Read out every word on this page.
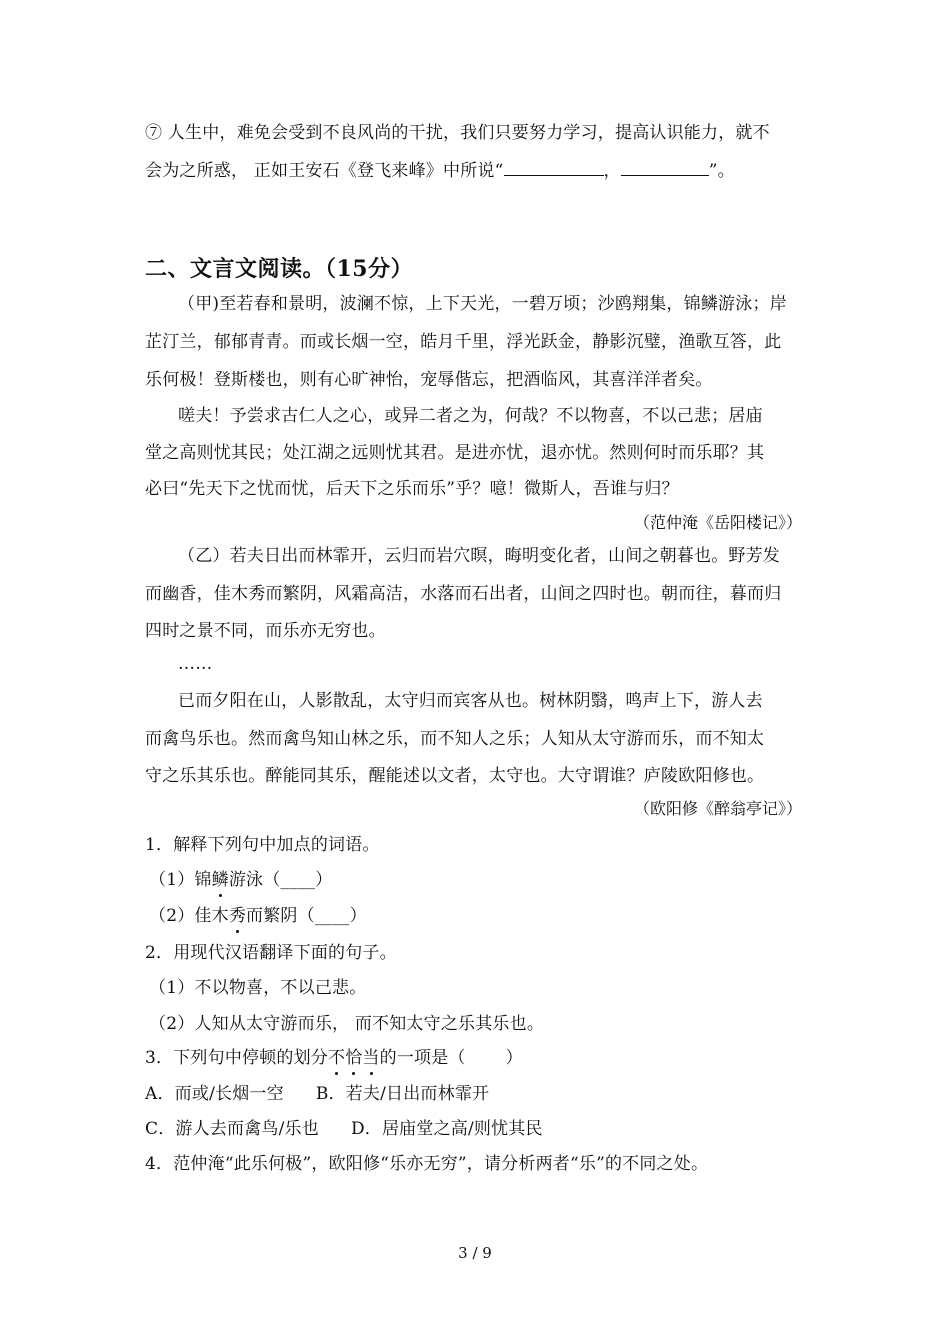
⑦ 人生中，难免会受到不良风尚的干扰，我们只要努力学习，提高认识能力，就不
会为之所惑， 正如王安石《登飞来峰》中所说“	，	”。
二、文言文阅读。（15分）
（甲)至若春和景明，波澜不惊，上下天光，一碧万顷；沙鸥翔集，锦鳞游泳；岸
芷汀兰，郁郁青青。而或长烟一空，皓月千里，浮光跃金，静影沉璧，渔歌互答，此
乐何极！登斯楼也，则有心旷神怡，宠辱偕忘，把酒临风，其喜洋洋者矣。
嗟夫！予尝求古仁人之心，或异二者之为，何哉？不以物喜，不以己悲；居庙
堂之高则忧其民；处江湖之远则忧其君。是进亦忧，退亦忧。然则何时而乐耶？其
必曰“先天下之忧而忧，后天下之乐而乐”乎？噫！微斯人，吾谁与归？
（范仲淹《岳阳楼记》）
（乙）若夫日出而林霏开，云归而岩穴暝，晦明变化者，山间之朝暮也。野芳发
而幽香，佳木秀而繁阴，风霜高洁，水落而石出者，山间之四时也。朝而往，暮而归
四时之景不同，而乐亦无穷也。
……
已而夕阳在山，人影散乱，太守归而宾客从也。树林阴翳，鸣声上下，游人去
而禽鸟乐也。然而禽鸟知山林之乐，而不知人之乐；人知从太守游而乐，而不知太
守之乐其乐也。醉能同其乐，醒能述以文者，太守也。大守谓谁？庐陵欧阳修也。
（欧阳修《醉翁亭记》）
1．解释下列句中加点的词语。
（1）锦鳞游泳（____）
（2）佳木秀而繁阴（____）
2．用现代汉语翻译下面的句子。
（1）不以物喜，不以己悲。
（2）人知从太守游而乐， 而不知太守之乐其乐也。
3．下列句中停顿的划分不恰当的一项是（　　 ）
A．而或/长烟一空 B．若夫/日出而林霏开
C．游人去而禽鸟/乐也 D．居庙堂之高/则忧其民
4．范仲淹“此乐何极”，欧阳修“乐亦无穷”，请分析两者“乐”的不同之处。
3 / 9
